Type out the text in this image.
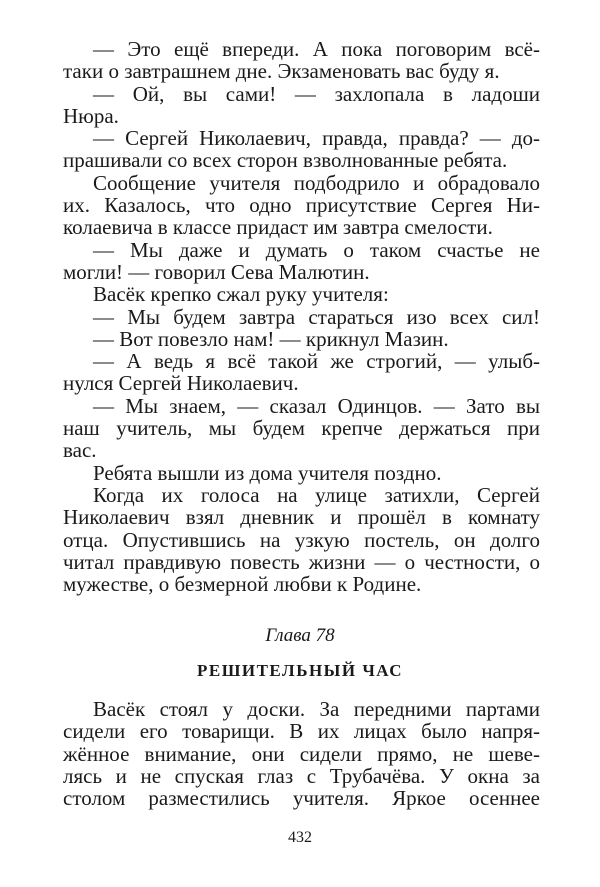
— Это ещё впереди. А пока поговорим всё-
таки о завтрашнем дне. Экзаменовать вас буду я.
— Ой, вы сами! — захлопала в ладоши
Нюра.
— Сергей Николаевич, правда, правда? — до-
прашивали со всех сторон взволнованные ребята.
Сообщение учителя подбодрило и обрадовало
их. Казалось, что одно присутствие Сергея Ни-
колаевича в классе придаст им завтра смелости.
— Мы даже и думать о таком счастье не
могли! — говорил Сева Малютин.
Васёк крепко сжал руку учителя:
— Мы будем завтра стараться изо всех сил!
— Вот повезло нам! — крикнул Мазин.
— А ведь я всё такой же строгий, — улыб-
нулся Сергей Николаевич.
— Мы знаем, — сказал Одинцов. — Зато вы
наш учитель, мы будем крепче держаться при
вас.
Ребята вышли из дома учителя поздно.
Когда их голоса на улице затихли, Сергей
Николаевич взял дневник и прошёл в комнату
отца. Опустившись на узкую постель, он долго
читал правдивую повесть жизни — о честности, о
мужестве, о безмерной любви к Родине.
Глава 78
РЕШИТЕЛЬНЫЙ ЧАС
Васёк стоял у доски. За передними партами
сидели его товарищи. В их лицах было напря-
жённое внимание, они сидели прямо, не шеве-
лясь и не спуская глаз с Трубачёва. У окна за
столом разместились учителя. Яркое осеннее
432
